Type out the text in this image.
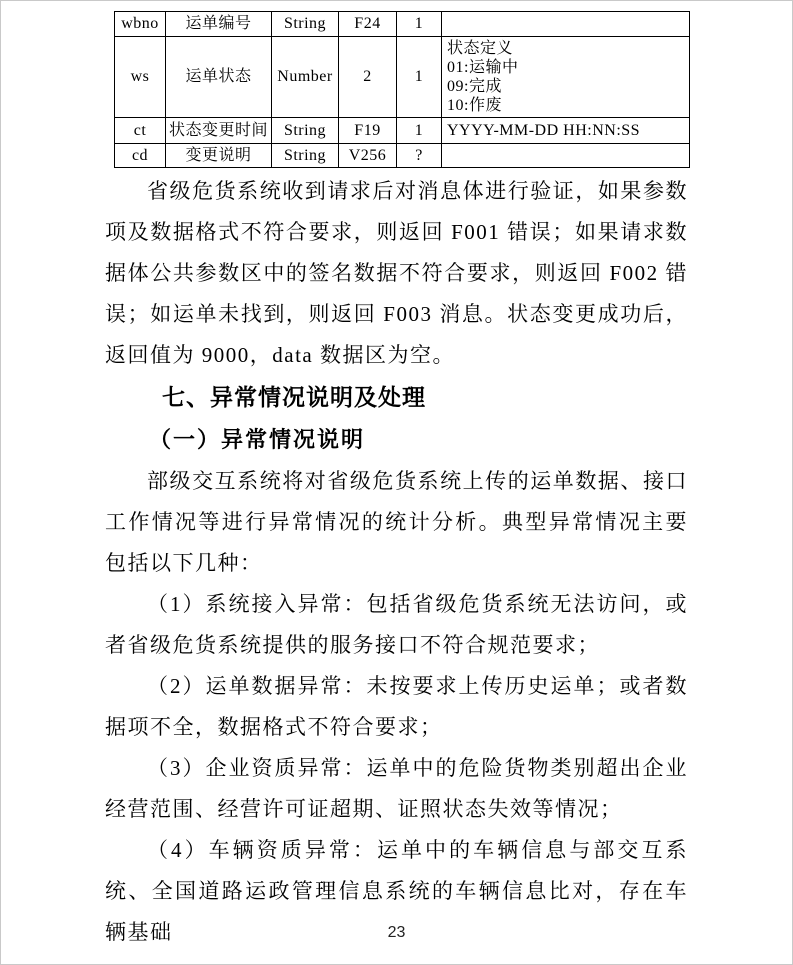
wbno	运单编号	String	F24	1	
ws	运单状态	Number	2	1	状态定义
01:运输中
09:完成
10:作废

ct	状态变更时间	String	F19	1	YYYY-MM-DD HH:NN:SS
cd	变更说明	String	V256	?	

省级危货系统收到请求后对消息体进行验证，如果参数项及数据格式不符合要求，则返回 F001 错误；如果请求数据体公共参数区中的签名数据不符合要求，则返回 F002 错误；如运单未找到，则返回 F003 消息。状态变更成功后，返回值为 9000，data 数据区为空。

七、异常情况说明及处理
（一）异常情况说明

部级交互系统将对省级危货系统上传的运单数据、接口工作情况等进行异常情况的统计分析。典型异常情况主要包括以下几种：

（1）系统接入异常：包括省级危货系统无法访问，或者省级危货系统提供的服务接口不符合规范要求；

（2）运单数据异常：未按要求上传历史运单；或者数据项不全，数据格式不符合要求；

（3）企业资质异常：运单中的危险货物类别超出企业经营范围、经营许可证超期、证照状态失效等情况；

（4）车辆资质异常：运单中的车辆信息与部交互系统、全国道路运政管理信息系统的车辆信息比对，存在车辆基础	23
